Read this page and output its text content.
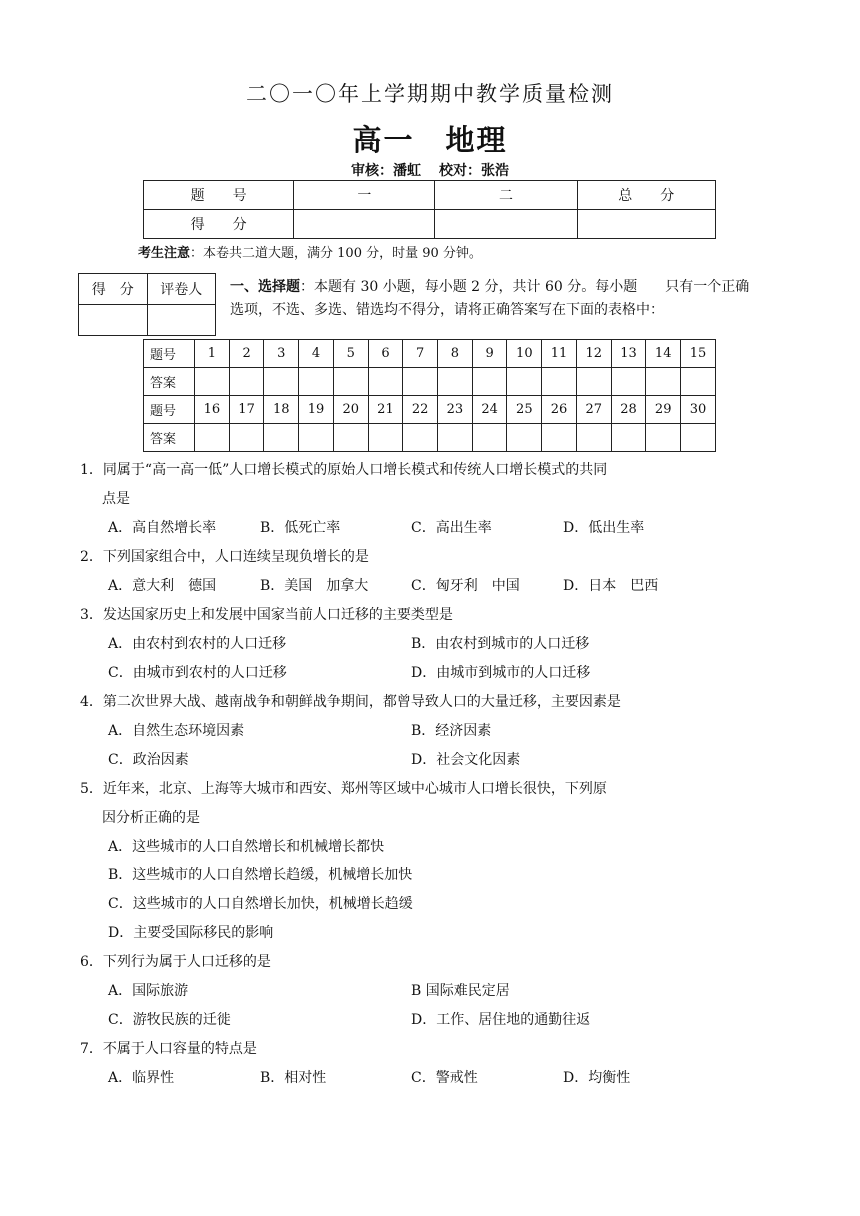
二〇一〇年上学期期中教学质量检测
高一　地理
审核：潘虹 校对：张浩
题　　号	一	二	总　　分
得　　分			
考生注意：本卷共二道大题，满分 100 分，时量 90 分钟。
得　分	评卷人
	一、选择题：本题有 30 小题，每小题 2 分，共计 60 分。每小题　　只有一个正确
选项，不选、多选、错选均不得分，请将正确答案写在下面的表格中：
题号	1	2	3	4	5	6	7	8	9	10	11	12	13	14	15
答案															
题号	16	17	18	19	20	21	22	23	24	25	26	27	28	29	30
答案															
1．同属于“高一高一低”人口增长模式的原始人口增长模式和传统人口增长模式的共同
点是
A．高自然增长率	B．低死亡率	C．高出生率	D．低出生率
2．下列国家组合中，人口连续呈现负增长的是
A．意大利　德国	B．美国　加拿大	C．匈牙利　中国	D．日本　巴西
3．发达国家历史上和发展中国家当前人口迁移的主要类型是
A．由农村到农村的人口迁移	B．由农村到城市的人口迁移
C．由城市到农村的人口迁移	D．由城市到城市的人口迁移
4．第二次世界大战、越南战争和朝鲜战争期间，都曾导致人口的大量迁移，主要因素是
A．自然生态环境因素	B．经济因素
C．政治因素	D．社会文化因素
5．近年来，北京、上海等大城市和西安、郑州等区域中心城市人口增长很快，下列原
因分析正确的是
A．这些城市的人口自然增长和机械增长都快
B．这些城市的人口自然增长趋缓，机械增长加快
C．这些城市的人口自然增长加快，机械增长趋缓
D．主要受国际移民的影响
6．下列行为属于人口迁移的是
A．国际旅游	B 国际难民定居
C．游牧民族的迁徙	D．工作、居住地的通勤往返
7．不属于人口容量的特点是
A．临界性	B．相对性	C．警戒性	D．均衡性
